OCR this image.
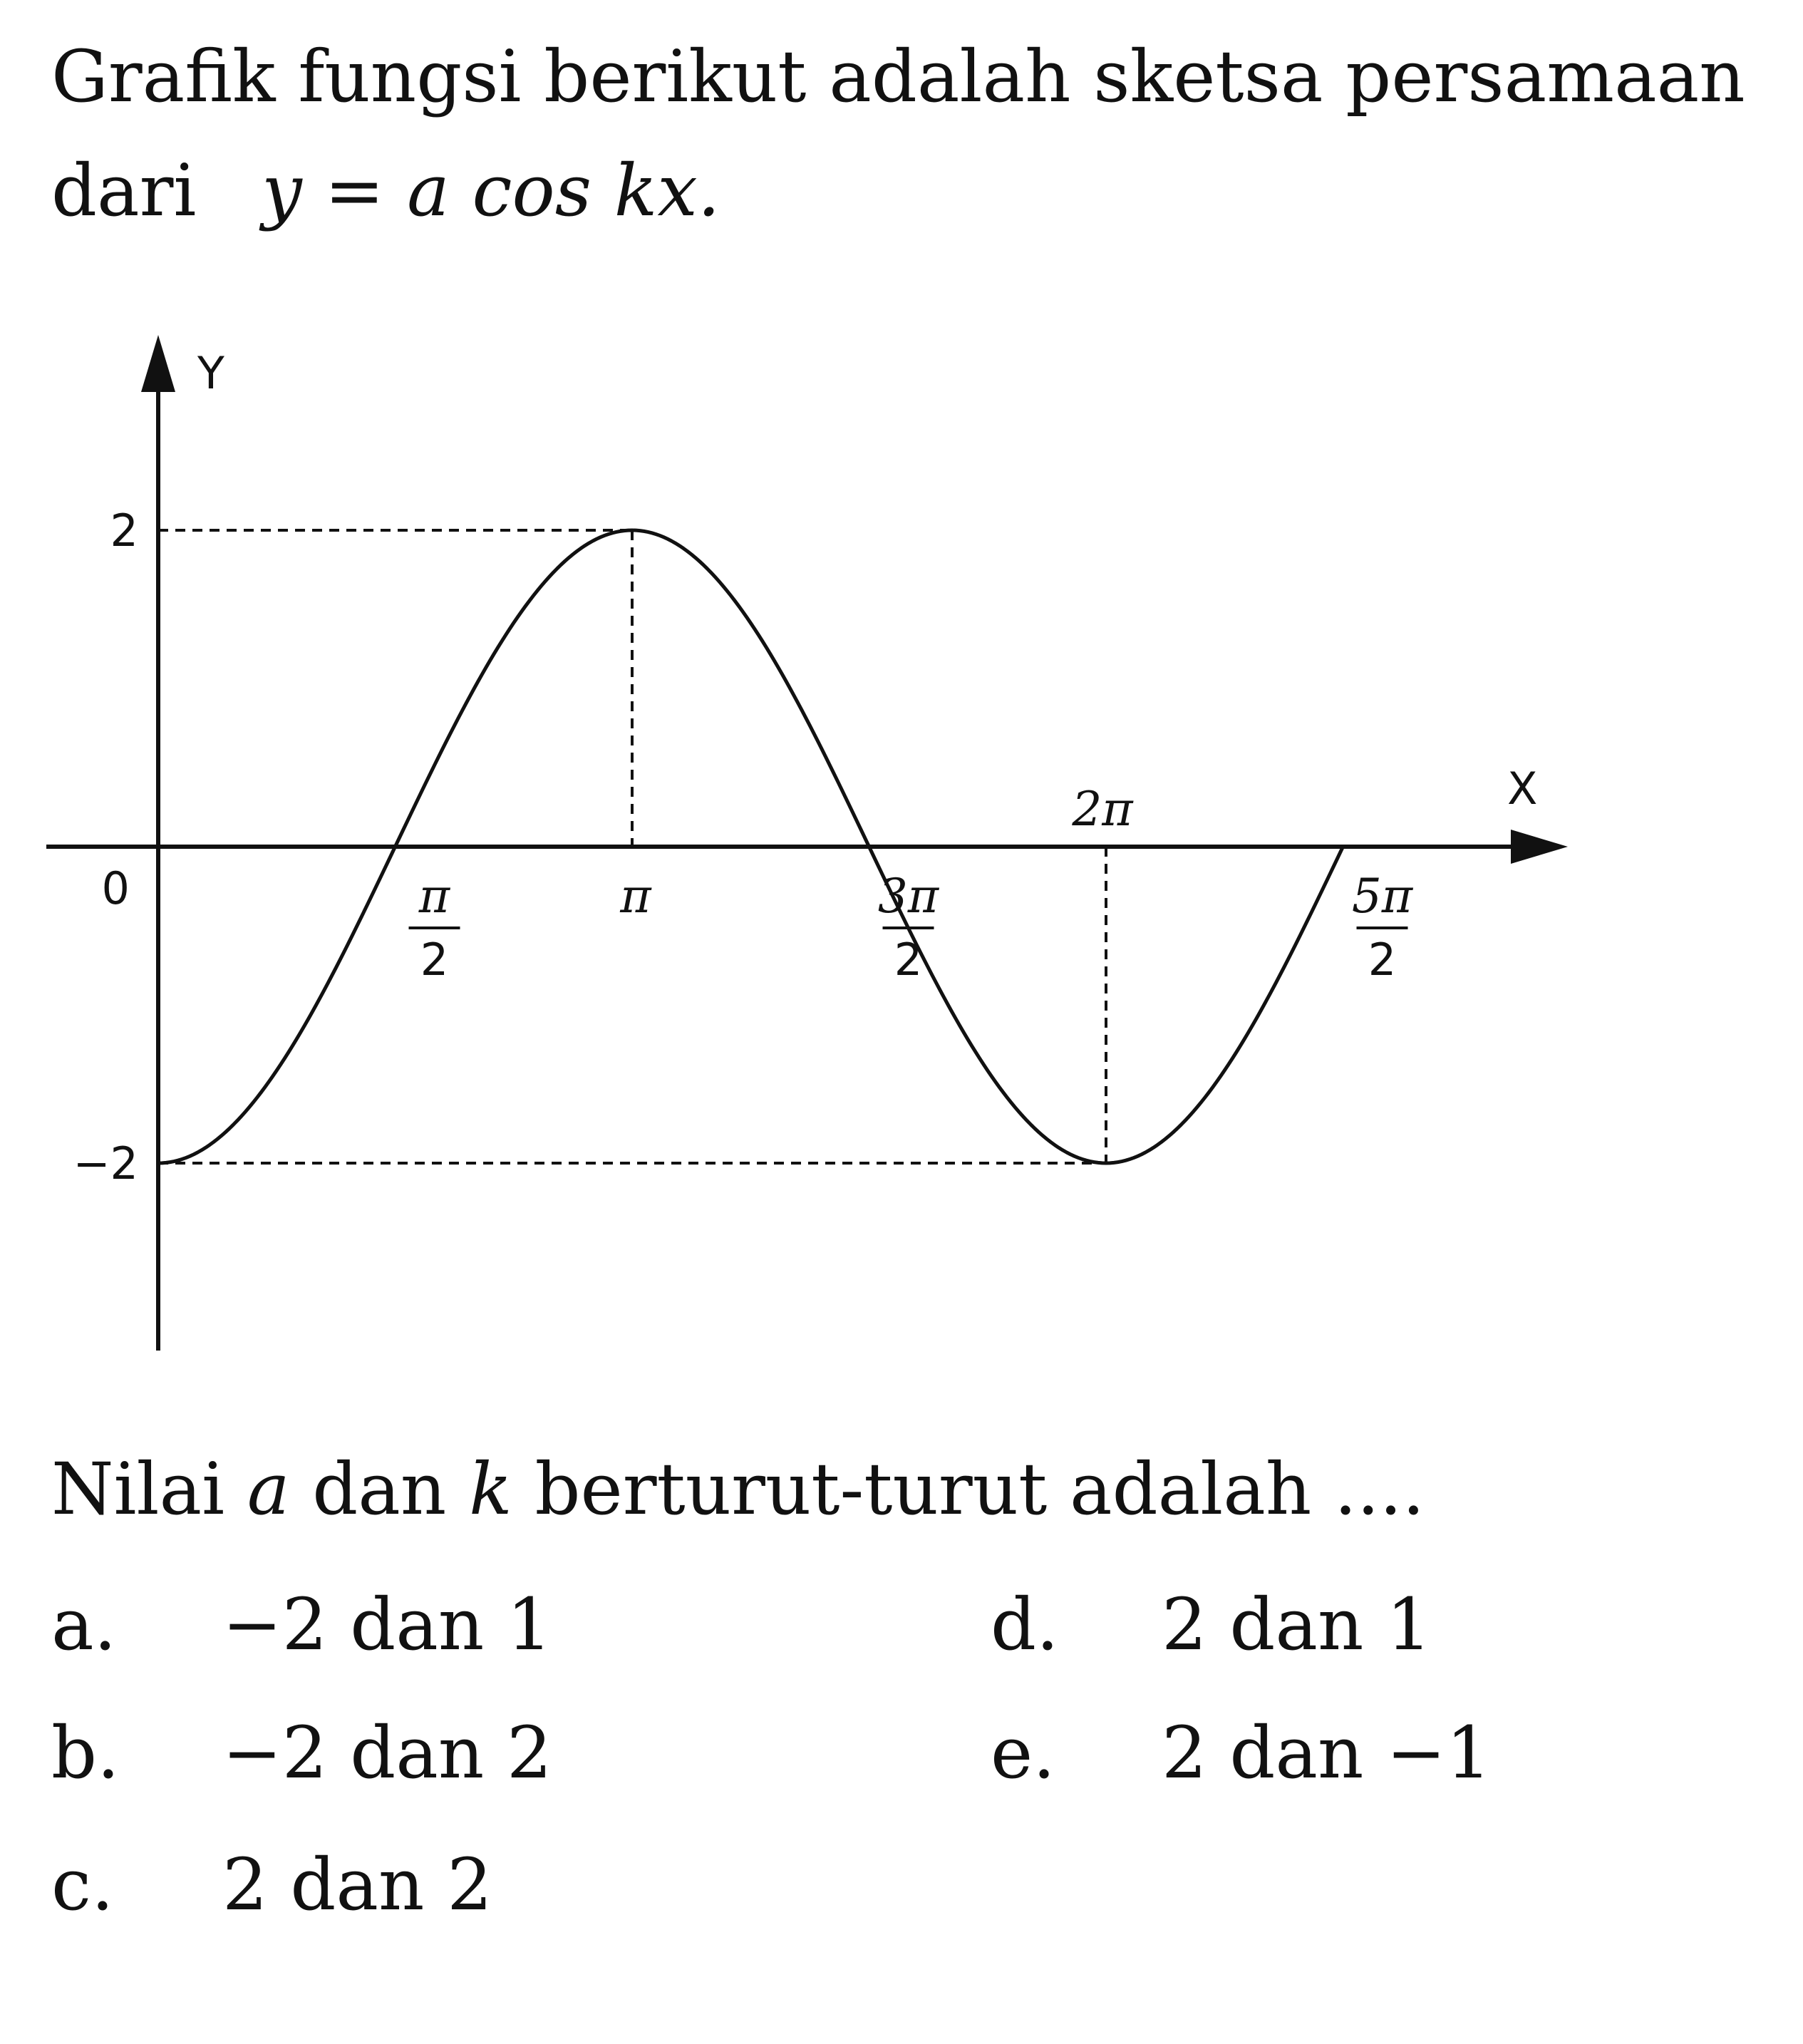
Grafik fungsi berikut adalah sketsa persamaan

dari y = a cos kx.

Y
X
0
2
−2
π
2
π	3π
2
2π
5π
2

Nilai a dan k berturut-turut adalah ....

a. −2 dan 1
b. −2 dan 2
c. 2 dan 2
d. 2 dan 1
e. 2 dan −1
